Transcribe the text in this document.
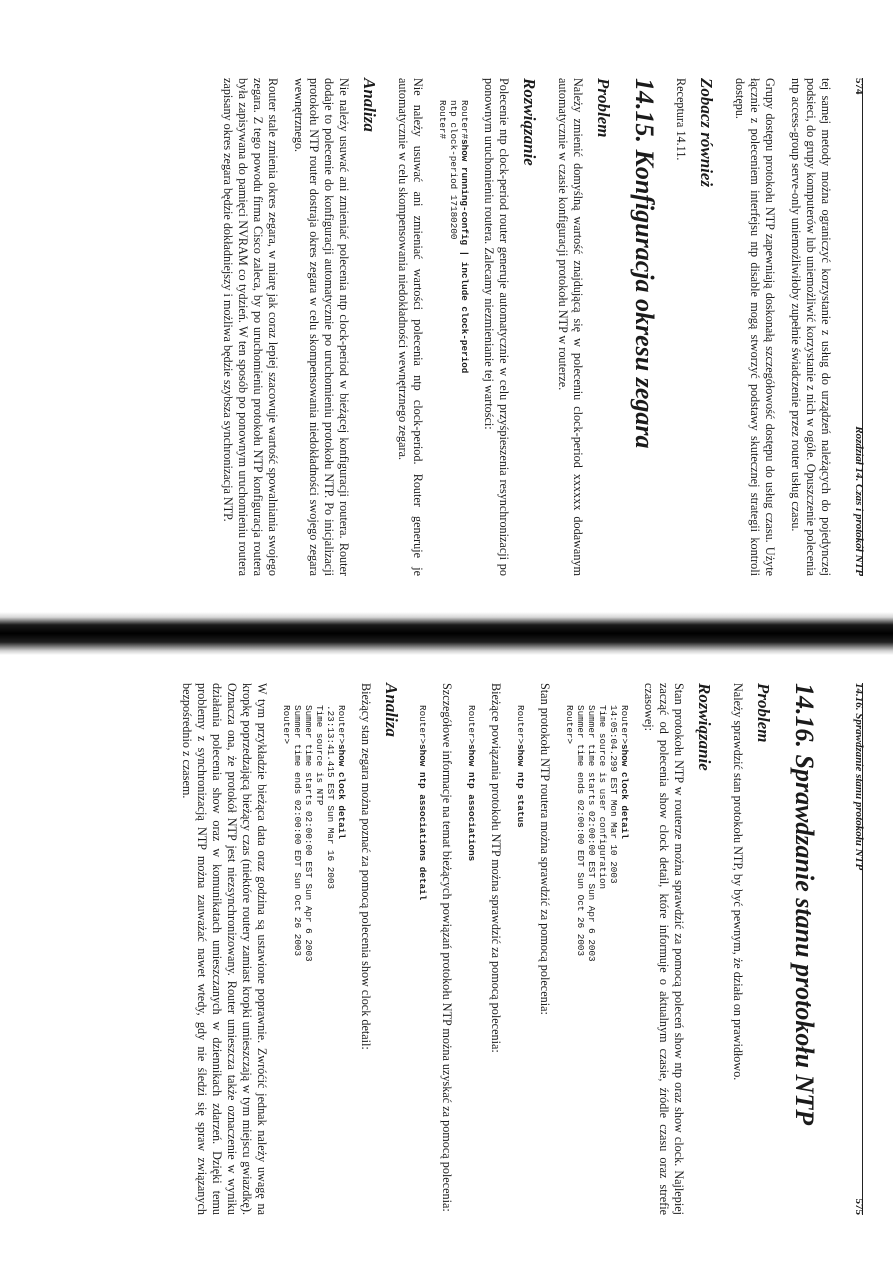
574
Rozdział 14. Czas i protokół NTP

tej samej metody można ograniczyć korzystanie z usług do urządzeń należących do pojedynczej podsieci, do grupy komputerów lub uniemożliwić korzystanie z nich w ogóle. Opuszczenie polecenia ntp access-group serve-only uniemożliwiłoby zupełnie świadczenie przez router usług czasu.

Grupy dostępu protokołu NTP zapewniają doskonałą szczegółowość dostępu do usług czasu. Użyte łącznie z poleceniem interfejsu ntp disable mogą stworzyć podstawy skutecznej strategii kontroli dostępu.

Zobacz również

Receptura 14.11.

14.15. Konfiguracja okresu zegara
Problem

Należy zmienić domyślną wartość znajdującą się w poleceniu clock-period xxxxxx dodawanym automatycznie w czasie konfiguracji protokołu NTP w routerze.

Rozwiązanie

Polecenie ntp clock-period router generuje automatycznie w celu przyśpieszenia resynchronizacji po ponownym uruchomieniu routera. Zalecamy niezmienianie tej wartości:

Router#show running-config | include clock-period
ntp clock-period 17180200
Router#

Nie należy usuwać ani zmieniać wartości polecenia ntp clock-period. Router generuje je automatycznie w celu skompensowania niedokładności wewnętrznego zegara.

Analiza

Nie należy usuwać ani zmieniać polecenia ntp clock-period w bieżącej konfiguracji routera. Router dodaje to polecenie do konfiguracji automatycznie po uruchomieniu protokołu NTP. Po inicjalizacji protokołu NTP router dostraja okres zegara w celu skompensowania niedokładności swojego zegara wewnętrznego.

Router stale zmienia okres zegara, w miarę jak coraz lepiej szacowuje wartość spowalniania swojego zegara. Z tego powodu firma Cisco zaleca, by po uruchomieniu protokołu NTP konfiguracja routera była zapisywana do pamięci NVRAM co tydzień. W ten sposób po ponownym uruchomieniu routera zapisany okres zegara będzie dokładniejszy i możliwa będzie szybsza synchronizacja NTP.

14.16. Sprawdzanie stanu protokołu NTP
575
14.16. Sprawdzanie stanu protokołu NTP
Problem

Należy sprawdzić stan protokołu NTP, by być pewnym, że działa on prawidłowo.

Rozwiązanie

Stan protokołu NTP w routerze można sprawdzić za pomocą poleceń show ntp oraz show clock. Najlepiej zacząć od polecenia show clock detail, które informuje o aktualnym czasie, źródle czasu oraz strefie czasowej:

Router>show clock detail
14:05:04.299 EST Mon Mar 10 2003
Time source is user configuration
Summer time starts 02:00:00 EST Sun Apr 6 2003
Summer time ends 02:00:00 EDT Sun Oct 26 2003
Router>

Stan protokołu NTP routera można sprawdzić za pomocą polecenia:

Router>show ntp status

Bieżące powiązania protokołu NTP można sprawdzić za pomocą polecenia:

Router>show ntp associations

Szczegółowe informacje na temat bieżących powiązań protokołu NTP można uzyskać za pomocą polecenia:

Router>show ntp associations detail
Analiza

Bieżący stan zegara można poznać za pomocą polecenia show clock detail:

Router>show clock detail
.23:13:41.415 EST Sun Mar 16 2003
Time source is NTP
Summer time starts 02:00:00 EST Sun Apr 6 2003
Summer time ends 02:00:00 EDT Sun Oct 26 2003
Router>

W tym przykładzie bieżąca data oraz godzina są ustawione poprawnie. Zwróćić jednak należy uwagę na kropkę poprzedzającą bieżący czas (niektóre routery zamiast kropki umieszczają w tym miejscu gwiazdkę). Oznacza ona, że protokół NTP jest niezsynchronizowany. Router umieszcza także oznaczenie w wyniku działania polecenia show oraz w komunikatach umieszczanych w dziennikach zdarzeń. Dzięki temu problemy z synchronizacją NTP można zauważać nawet wtedy, gdy nie śledzi się spraw związanych bezpośrednio z czasem.
